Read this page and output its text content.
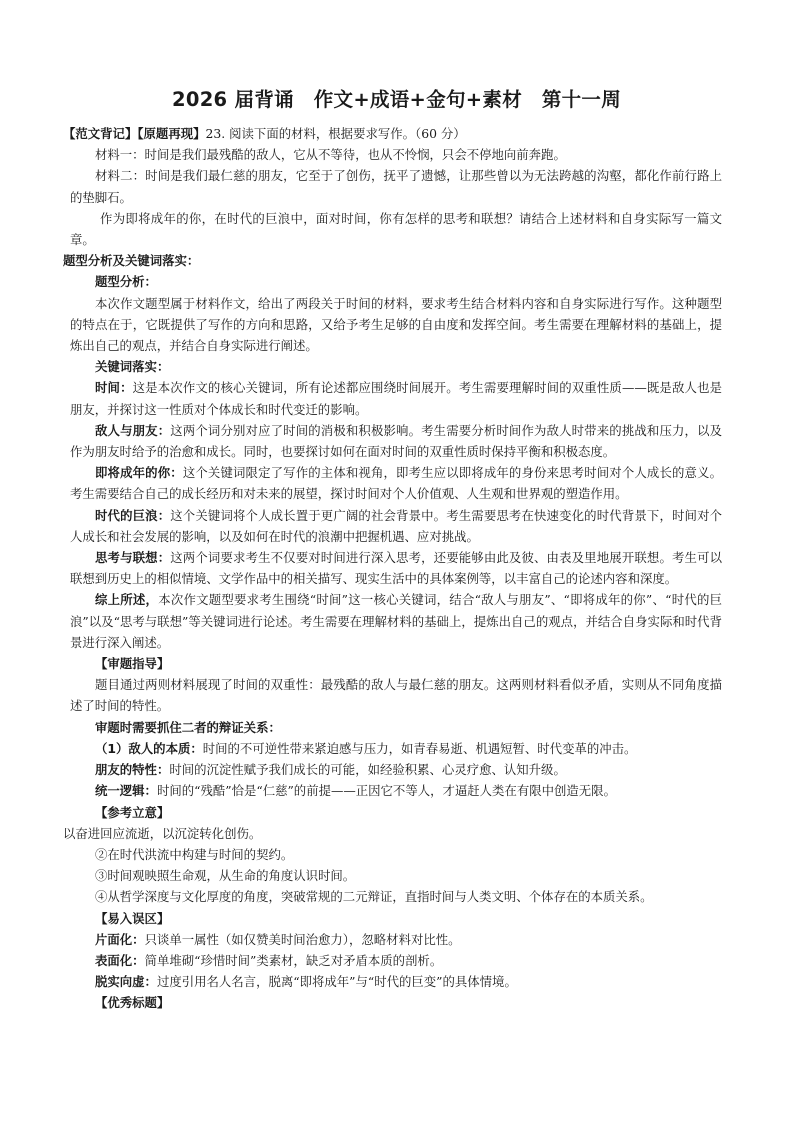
2026 届背诵　作文+成语+金句+素材　第十一周

【范文背记】【原题再现】23. 阅读下面的材料，根据要求写作。（60 分）

材料一：时间是我们最残酷的敌人，它从不等待，也从不怜悯，只会不停地向前奔跑。

材料二：时间是我们最仁慈的朋友，它至于了创伤，抚平了遗憾，让那些曾以为无法跨越的沟壑，都化作前行路上的垫脚石。

作为即将成年的你，在时代的巨浪中，面对时间，你有怎样的思考和联想？请结合上述材料和自身实际写一篇文章。

题型分析及关键词落实：

题型分析：

本次作文题型属于材料作文，给出了两段关于时间的材料，要求考生结合材料内容和自身实际进行写作。这种题型的特点在于，它既提供了写作的方向和思路，又给予考生足够的自由度和发挥空间。考生需要在理解材料的基础上，提炼出自己的观点，并结合自身实际进行阐述。

关键词落实：

时间：这是本次作文的核心关键词，所有论述都应围绕时间展开。考生需要理解时间的双重性质——既是敌人也是朋友，并探讨这一性质对个体成长和时代变迁的影响。

敌人与朋友：这两个词分别对应了时间的消极和积极影响。考生需要分析时间作为敌人时带来的挑战和压力，以及作为朋友时给予的治愈和成长。同时，也要探讨如何在面对时间的双重性质时保持平衡和积极态度。

即将成年的你：这个关键词限定了写作的主体和视角，即考生应以即将成年的身份来思考时间对个人成长的意义。考生需要结合自己的成长经历和对未来的展望，探讨时间对个人价值观、人生观和世界观的塑造作用。

时代的巨浪：这个关键词将个人成长置于更广阔的社会背景中。考生需要思考在快速变化的时代背景下，时间对个人成长和社会发展的影响，以及如何在时代的浪潮中把握机遇、应对挑战。

思考与联想：这两个词要求考生不仅要对时间进行深入思考，还要能够由此及彼、由表及里地展开联想。考生可以联想到历史上的相似情境、文学作品中的相关描写、现实生活中的具体案例等，以丰富自己的论述内容和深度。

综上所述，本次作文题型要求考生围绕“时间”这一核心关键词，结合“敌人与朋友”、“即将成年的你”、“时代的巨浪”以及“思考与联想”等关键词进行论述。考生需要在理解材料的基础上，提炼出自己的观点，并结合自身实际和时代背景进行深入阐述。

【审题指导】

题目通过两则材料展现了时间的双重性：最残酷的敌人与最仁慈的朋友。这两则材料看似矛盾，实则从不同角度描述了时间的特性。

审题时需要抓住二者的辩证关系：

（1）敌人的本质：时间的不可逆性带来紧迫感与压力，如青春易逝、机遇短暂、时代变革的冲击。

朋友的特性：时间的沉淀性赋予我们成长的可能，如经验积累、心灵疗愈、认知升级。

统一逻辑：时间的“残酷”恰是“仁慈”的前提——正因它不等人，才逼赶人类在有限中创造无限。

【参考立意】

以奋进回应流逝，以沉淀转化创伤。

②在时代洪流中构建与时间的契约。

③时间观映照生命观，从生命的角度认识时间。

④从哲学深度与文化厚度的角度，突破常规的二元辩证，直指时间与人类文明、个体存在的本质关系。

【易入误区】

片面化：只谈单一属性（如仅赞美时间治愈力），忽略材料对比性。

表面化：简单堆砌“珍惜时间”类素材，缺乏对矛盾本质的剖析。

脱实向虚：过度引用名人名言，脱离“即将成年”与“时代的巨变”的具体情境。

【优秀标题】
